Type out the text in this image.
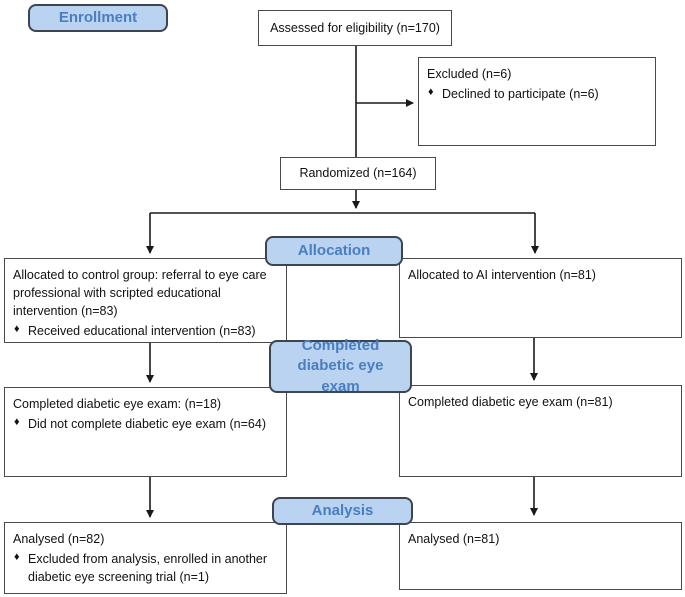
Enrollment
Allocation
Completed diabetic eye exam
Analysis
Assessed for eligibility (n=170)
Excluded (n=6)
♦ Declined to participate (n=6)
Randomized (n=164)
Allocated to control group: referral to eye care professional with scripted educational intervention (n=83)
♦ Received educational intervention (n=83)
Allocated to AI intervention (n=81)
Completed diabetic eye exam: (n=18)
♦ Did not complete diabetic eye exam (n=64)
Completed diabetic eye exam (n=81)
Analysed (n=82)
♦ Excluded from analysis, enrolled in another diabetic eye screening trial (n=1)
Analysed (n=81)
